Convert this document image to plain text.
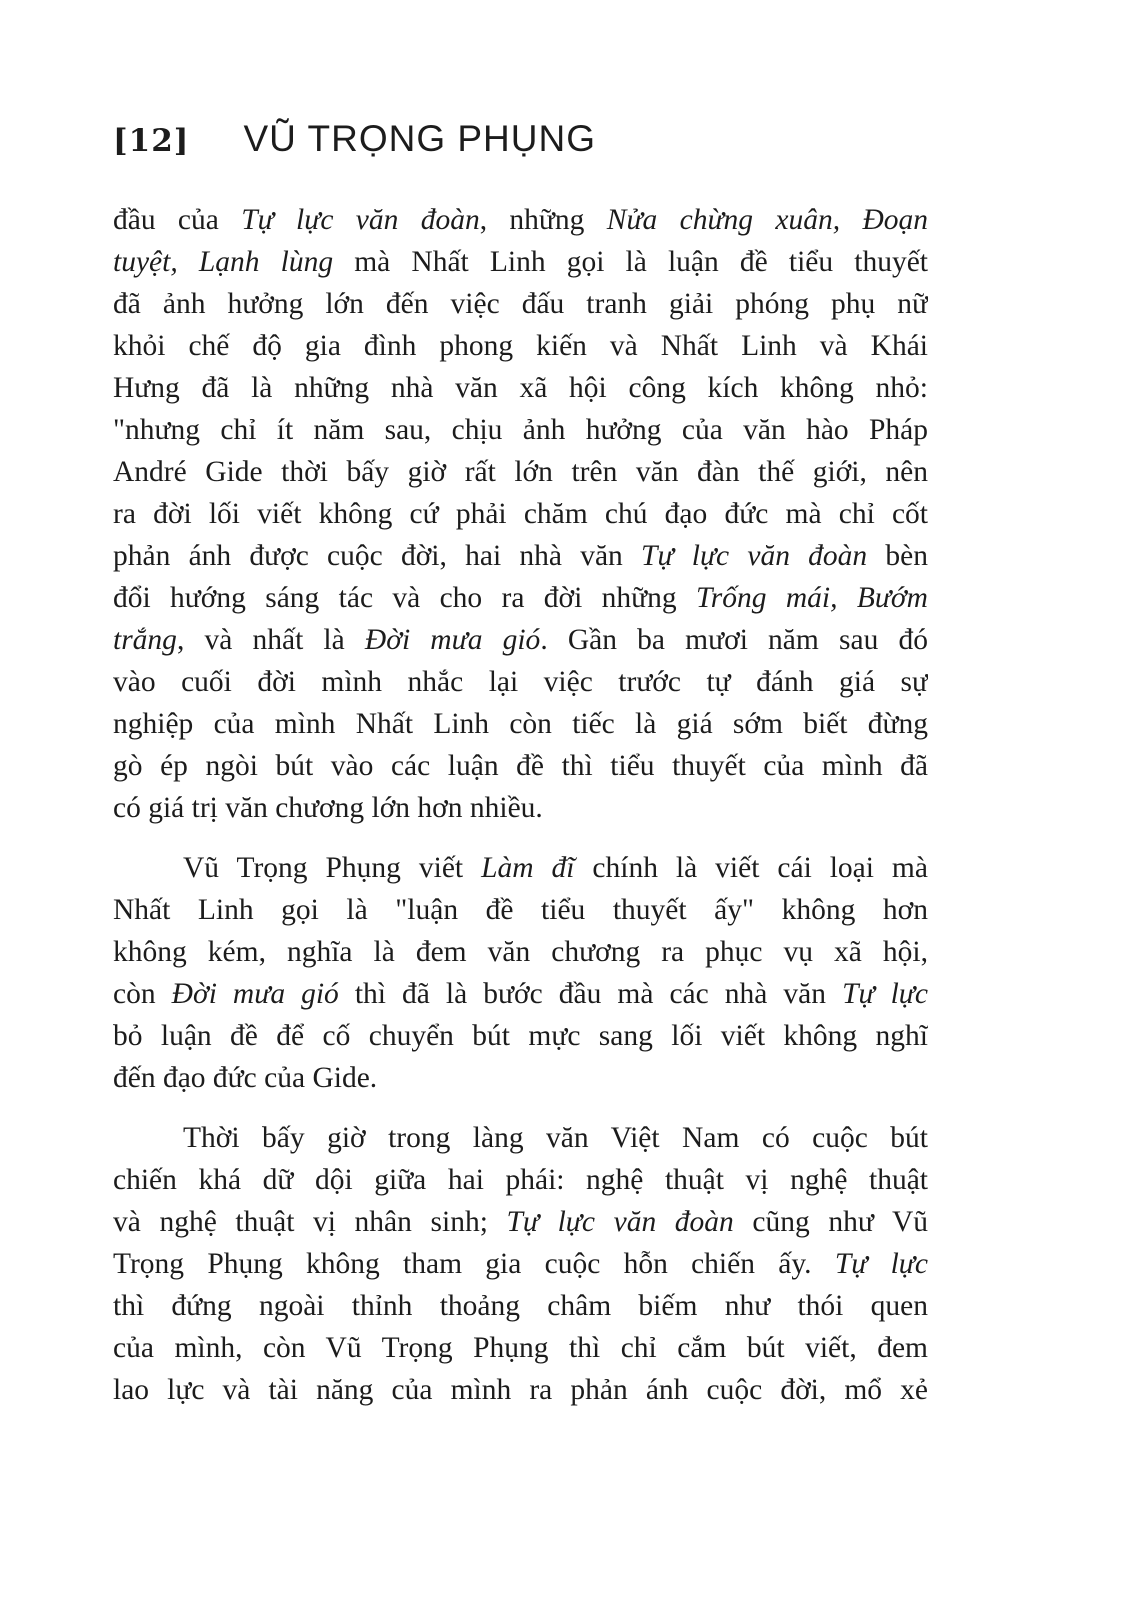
[12] VŨ TRỌNG PHỤNG
đầu của Tự lực văn đoàn, những Nửa chừng xuân, Đoạn
tuyệt, Lạnh lùng mà Nhất Linh gọi là luận đề tiểu thuyết
đã ảnh hưởng lớn đến việc đấu tranh giải phóng phụ nữ
khỏi chế độ gia đình phong kiến và Nhất Linh và Khái
Hưng đã là những nhà văn xã hội công kích không nhỏ:
"nhưng chỉ ít năm sau, chịu ảnh hưởng của văn hào Pháp
André Gide thời bấy giờ rất lớn trên văn đàn thế giới, nên
ra đời lối viết không cứ phải chăm chú đạo đức mà chỉ cốt
phản ánh được cuộc đời, hai nhà văn Tự lực văn đoàn bèn
đổi hướng sáng tác và cho ra đời những Trống mái, Bướm
trắng, và nhất là Đời mưa gió. Gần ba mươi năm sau đó
vào cuối đời mình nhắc lại việc trước tự đánh giá sự
nghiệp của mình Nhất Linh còn tiếc là giá sớm biết đừng
gò ép ngòi bút vào các luận đề thì tiểu thuyết của mình đã
có giá trị văn chương lớn hơn nhiều.
Vũ Trọng Phụng viết Làm đĩ chính là viết cái loại mà
Nhất Linh gọi là "luận đề tiểu thuyết ấy" không hơn
không kém, nghĩa là đem văn chương ra phục vụ xã hội,
còn Đời mưa gió thì đã là bước đầu mà các nhà văn Tự lực
bỏ luận đề để cố chuyển bút mực sang lối viết không nghĩ
đến đạo đức của Gide.
Thời bấy giờ trong làng văn Việt Nam có cuộc bút
chiến khá dữ dội giữa hai phái: nghệ thuật vị nghệ thuật
và nghệ thuật vị nhân sinh; Tự lực văn đoàn cũng như Vũ
Trọng Phụng không tham gia cuộc hỗn chiến ấy. Tự lực
thì đứng ngoài thỉnh thoảng châm biếm như thói quen
của mình, còn Vũ Trọng Phụng thì chỉ cắm bút viết, đem
lao lực và tài năng của mình ra phản ánh cuộc đời, mổ xẻ
